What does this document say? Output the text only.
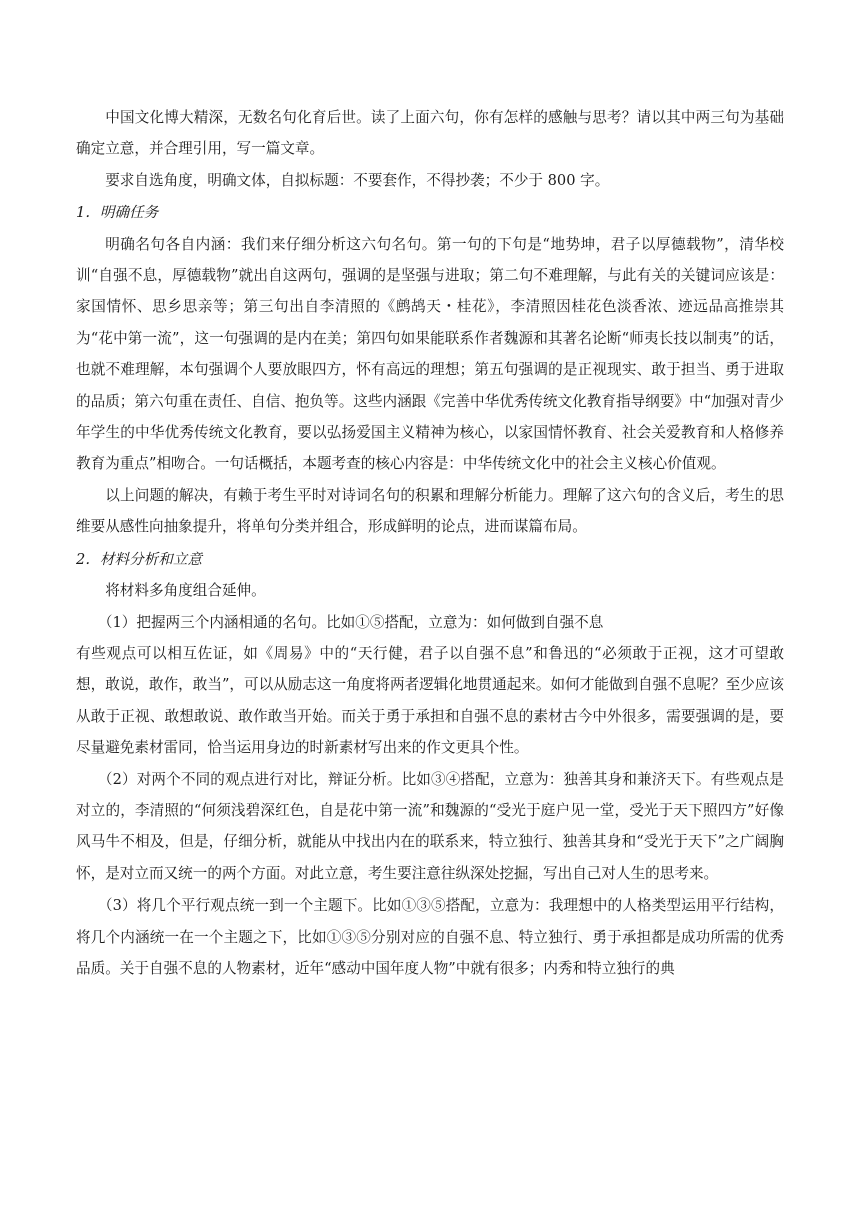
中国文化博大精深，无数名句化育后世。读了上面六句，你有怎样的感触与思考？请以其中两三句为基础确定立意，并合理引用，写一篇文章。

要求自选角度，明确文体，自拟标题：不要套作，不得抄袭；不少于 800 字。

1．明确任务

明确名句各自内涵：我们来仔细分析这六句名句。第一句的下句是“地势坤，君子以厚德载物”，清华校训“自强不息，厚德载物”就出自这两句，强调的是坚强与进取；第二句不难理解，与此有关的关键词应该是：家国情怀、思乡思亲等；第三句出自李清照的《鹧鸪天・桂花》，李清照因桂花色淡香浓、迹远品高推崇其为“花中第一流”，这一句强调的是内在美；第四句如果能联系作者魏源和其著名论断“师夷长技以制夷”的话，也就不难理解，本句强调个人要放眼四方，怀有高远的理想；第五句强调的是正视现实、敢于担当、勇于进取的品质；第六句重在责任、自信、抱负等。这些内涵跟《完善中华优秀传统文化教育指导纲要》中“加强对青少年学生的中华优秀传统文化教育，要以弘扬爱国主义精神为核心，以家国情怀教育、社会关爱教育和人格修养教育为重点”相吻合。一句话概括，本题考查的核心内容是：中华传统文化中的社会主义核心价值观。

以上问题的解决，有赖于考生平时对诗词名句的积累和理解分析能力。理解了这六句的含义后，考生的思维要从感性向抽象提升，将单句分类并组合，形成鲜明的论点，进而谋篇布局。

2．材料分析和立意

将材料多角度组合延伸。

（1）把握两三个内涵相通的名句。比如①⑤搭配，立意为：如何做到自强不息

有些观点可以相互佐证，如《周易》中的“天行健，君子以自强不息”和鲁迅的“必须敢于正视，这才可望敢想，敢说，敢作，敢当”，可以从励志这一角度将两者逻辑化地贯通起来。如何才能做到自强不息呢？至少应该从敢于正视、敢想敢说、敢作敢当开始。而关于勇于承担和自强不息的素材古今中外很多，需要强调的是，要尽量避免素材雷同，恰当运用身边的时新素材写出来的作文更具个性。

（2）对两个不同的观点进行对比，辩证分析。比如③④搭配，立意为：独善其身和兼济天下。有些观点是对立的，李清照的“何须浅碧深红色，自是花中第一流”和魏源的“受光于庭户见一堂，受光于天下照四方”好像风马牛不相及，但是，仔细分析，就能从中找出内在的联系来，特立独行、独善其身和“受光于天下”之广阔胸怀，是对立而又统一的两个方面。对此立意，考生要注意往纵深处挖掘，写出自己对人生的思考来。

（3）将几个平行观点统一到一个主题下。比如①③⑤搭配，立意为：我理想中的人格类型运用平行结构，将几个内涵统一在一个主题之下，比如①③⑤分别对应的自强不息、特立独行、勇于承担都是成功所需的优秀品质。关于自强不息的人物素材，近年“感动中国年度人物”中就有很多；内秀和特立独行的典
